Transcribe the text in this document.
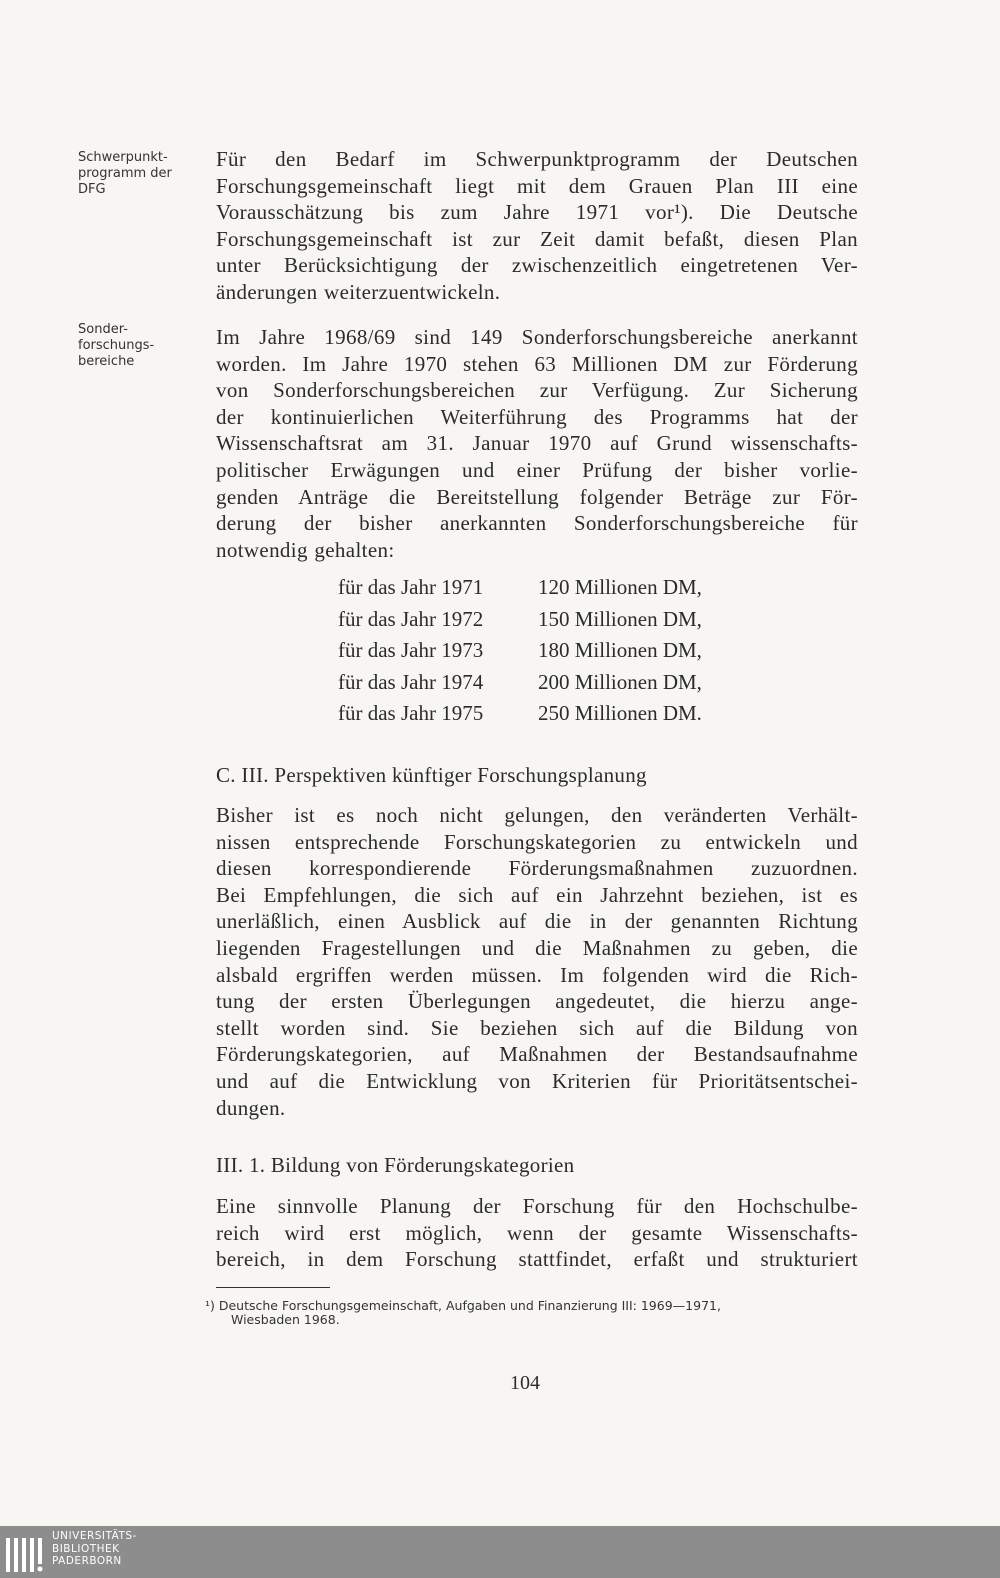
Schwerpunkt-
programm der
DFG
Für den Bedarf im Schwerpunktprogramm der Deutschen
Forschungsgemeinschaft liegt mit dem Grauen Plan III eine
Vorausschätzung bis zum Jahre 1971 vor¹). Die Deutsche
Forschungsgemeinschaft ist zur Zeit damit befaßt, diesen Plan
unter Berücksichtigung der zwischenzeitlich eingetretenen Ver-
änderungen weiterzuentwickeln.
Sonder-
forschungs-
bereiche
Im Jahre 1968/69 sind 149 Sonderforschungsbereiche anerkannt
worden. Im Jahre 1970 stehen 63 Millionen DM zur Förderung
von Sonderforschungsbereichen zur Verfügung. Zur Sicherung
der kontinuierlichen Weiterführung des Programms hat der
Wissenschaftsrat am 31. Januar 1970 auf Grund wissenschafts-
politischer Erwägungen und einer Prüfung der bisher vorlie-
genden Anträge die Bereitstellung folgender Beträge zur För-
derung der bisher anerkannten Sonderforschungsbereiche für
notwendig gehalten:
für das Jahr 1971	120 Millionen DM,
für das Jahr 1972	150 Millionen DM,
für das Jahr 1973	180 Millionen DM,
für das Jahr 1974	200 Millionen DM,
für das Jahr 1975	250 Millionen DM.
C. III. Perspektiven künftiger Forschungsplanung
Bisher ist es noch nicht gelungen, den veränderten Verhält-
nissen entsprechende Forschungskategorien zu entwickeln und
diesen korrespondierende Förderungsmaßnahmen zuzuordnen.
Bei Empfehlungen, die sich auf ein Jahrzehnt beziehen, ist es
unerläßlich, einen Ausblick auf die in der genannten Richtung
liegenden Fragestellungen und die Maßnahmen zu geben, die
alsbald ergriffen werden müssen. Im folgenden wird die Rich-
tung der ersten Überlegungen angedeutet, die hierzu ange-
stellt worden sind. Sie beziehen sich auf die Bildung von
Förderungskategorien, auf Maßnahmen der Bestandsaufnahme
und auf die Entwicklung von Kriterien für Prioritätsentschei-
dungen.
III. 1. Bildung von Förderungskategorien
Eine sinnvolle Planung der Forschung für den Hochschulbe-
reich wird erst möglich, wenn der gesamte Wissenschafts-
bereich, in dem Forschung stattfindet, erfaßt und strukturiert
¹) Deutsche Forschungsgemeinschaft, Aufgaben und Finanzierung III: 1969—1971,
Wiesbaden 1968.
104
UNIVERSITÄTS-
BIBLIOTHEK
PADERBORN
